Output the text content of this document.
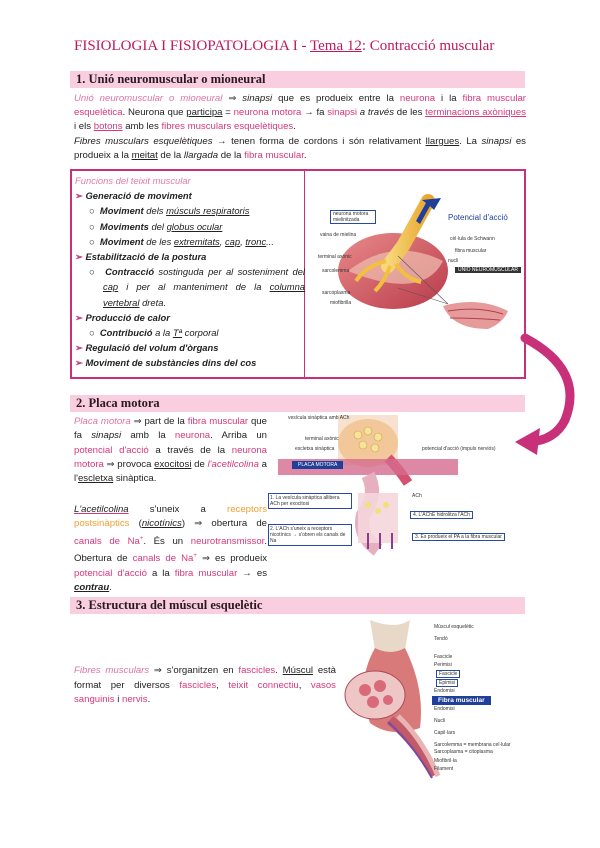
FISIOLOGIA I FISIOPATOLOGIA I - Tema 12: Contracció muscular
1. Unió neuromuscular o mioneural
Unió neuromuscular o mioneural ⇒ sinapsi que es produeix entre la neurona i la fibra muscular esquelètica. Neurona que participa = neurona motora → fa sinapsi a través de les terminacions axòniques i els botons amb les fibres musculars esquelètiques.
Fibres musculars esquelètiques → tenen forma de cordons i són relativament llargues. La sinapsi es produeix a la meitat de la llargada de la fibra muscular.
Funcions del teixit muscular
➢ Generació de moviment
○ Moviment dels músculs respiratoris
○ Moviments del globus ocular
○ Moviment de les extremitats, cap, tronc...
➢ Estabilització de la postura
○ Contracció sostinguda per al sosteniment del cap i per al manteniment de la columna vertebral dreta.
➢ Producció de calor
○ Contribució a la Tª corporal
➢ Regulació del volum d'òrgans
➢ Moviment de substàncies dins del cos
Potencial d'acció
neurona motora mielinitzada
UNIÓ NEUROMUSCULAR
vaina de mielina
terminal axònic
sarcolemma
sarcoplasma
miofibrilla
cèl·lula de Schwann
fibra muscular
nucli
2. Placa motora
Placa motora ⇒ part de la fibra muscular que fa sinapsi amb la neurona. Arriba un potencial d'acció a través de la neurona motora ⇒ provoca exocitosi de l'acetilcolina a l'escletxa sinàptica.
L'acetilcolina s'uneix a receptors postsinàptics (nicotínics) ⇒ obertura de canals de Na+. És un neurotransmissor. Obertura de canals de Na+ ⇒ es produeix potencial d'acció a la fibra muscular → es contrau.
vesícula sinàptica amb ACh
terminal axònic
escletxa sinàptica
PLACA MOTORA
potencial d'acció (impuls nerviós)
1. La vesícula sinàptica allibera ACh per exocitosi
2. L'ACh s'uneix a receptors nicotínics → s'obren els canals de Na
ACh
4. L'AChE hidrolitza l'ACh
3. Es produeix el PA a la fibra muscular
3. Estructura del múscul esquelètic
Fibres musculars ⇒ s'organitzen en fascicles. Múscul està format per diversos fascicles, teixit connectiu, vasos sanguinis i nervis.
Múscul esquelètic
Tendó
Fascicle
Perimisi
Fascicle
Epimisi
Endomisi
Fibra muscular
Endomisi
Nucli
Capil·lars
Sarcolemma = membrana cel·lular
Sarcoplasma = citoplasma
Miofibril·la
Filament
